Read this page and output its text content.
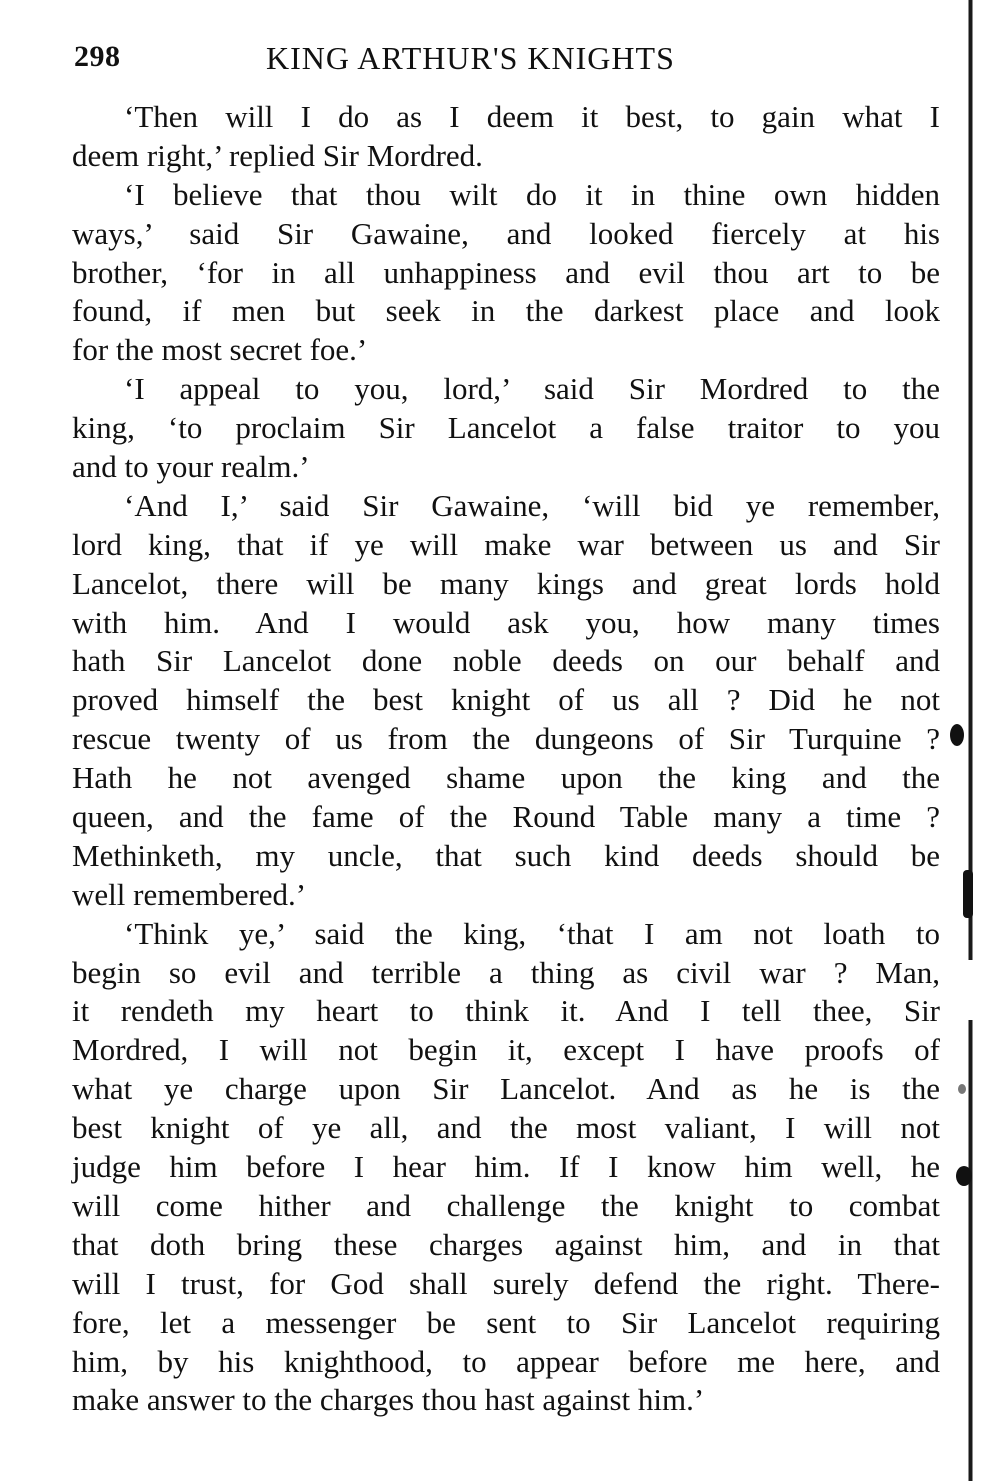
298	KING ARTHUR'S KNIGHTS
‘Then will I do as I deem it best, to gain what I
deem right,’ replied Sir Mordred.
‘I believe that thou wilt do it in thine own hidden
ways,’ said Sir Gawaine, and looked fiercely at his
brother, ‘for in all unhappiness and evil thou art to be
found, if men but seek in the darkest place and look
for the most secret foe.’
‘I appeal to you, lord,’ said Sir Mordred to the
king, ‘to proclaim Sir Lancelot a false traitor to you
and to your realm.’
‘And I,’ said Sir Gawaine, ‘will bid ye remember,
lord king, that if ye will make war between us and Sir
Lancelot, there will be many kings and great lords hold
with him. And I would ask you, how many times
hath Sir Lancelot done noble deeds on our behalf and
proved himself the best knight of us all ? Did he not
rescue twenty of us from the dungeons of Sir Turquine ?
Hath he not avenged shame upon the king and the
queen, and the fame of the Round Table many a time ?
Methinketh, my uncle, that such kind deeds should be
well remembered.’
‘Think ye,’ said the king, ‘that I am not loath to
begin so evil and terrible a thing as civil war ? Man,
it rendeth my heart to think it. And I tell thee, Sir
Mordred, I will not begin it, except I have proofs of
what ye charge upon Sir Lancelot. And as he is the
best knight of ye all, and the most valiant, I will not
judge him before I hear him. If I know him well, he
will come hither and challenge the knight to combat
that doth bring these charges against him, and in that
will I trust, for God shall surely defend the right. There-
fore, let a messenger be sent to Sir Lancelot requiring
him, by his knighthood, to appear before me here, and
make answer to the charges thou hast against him.’
